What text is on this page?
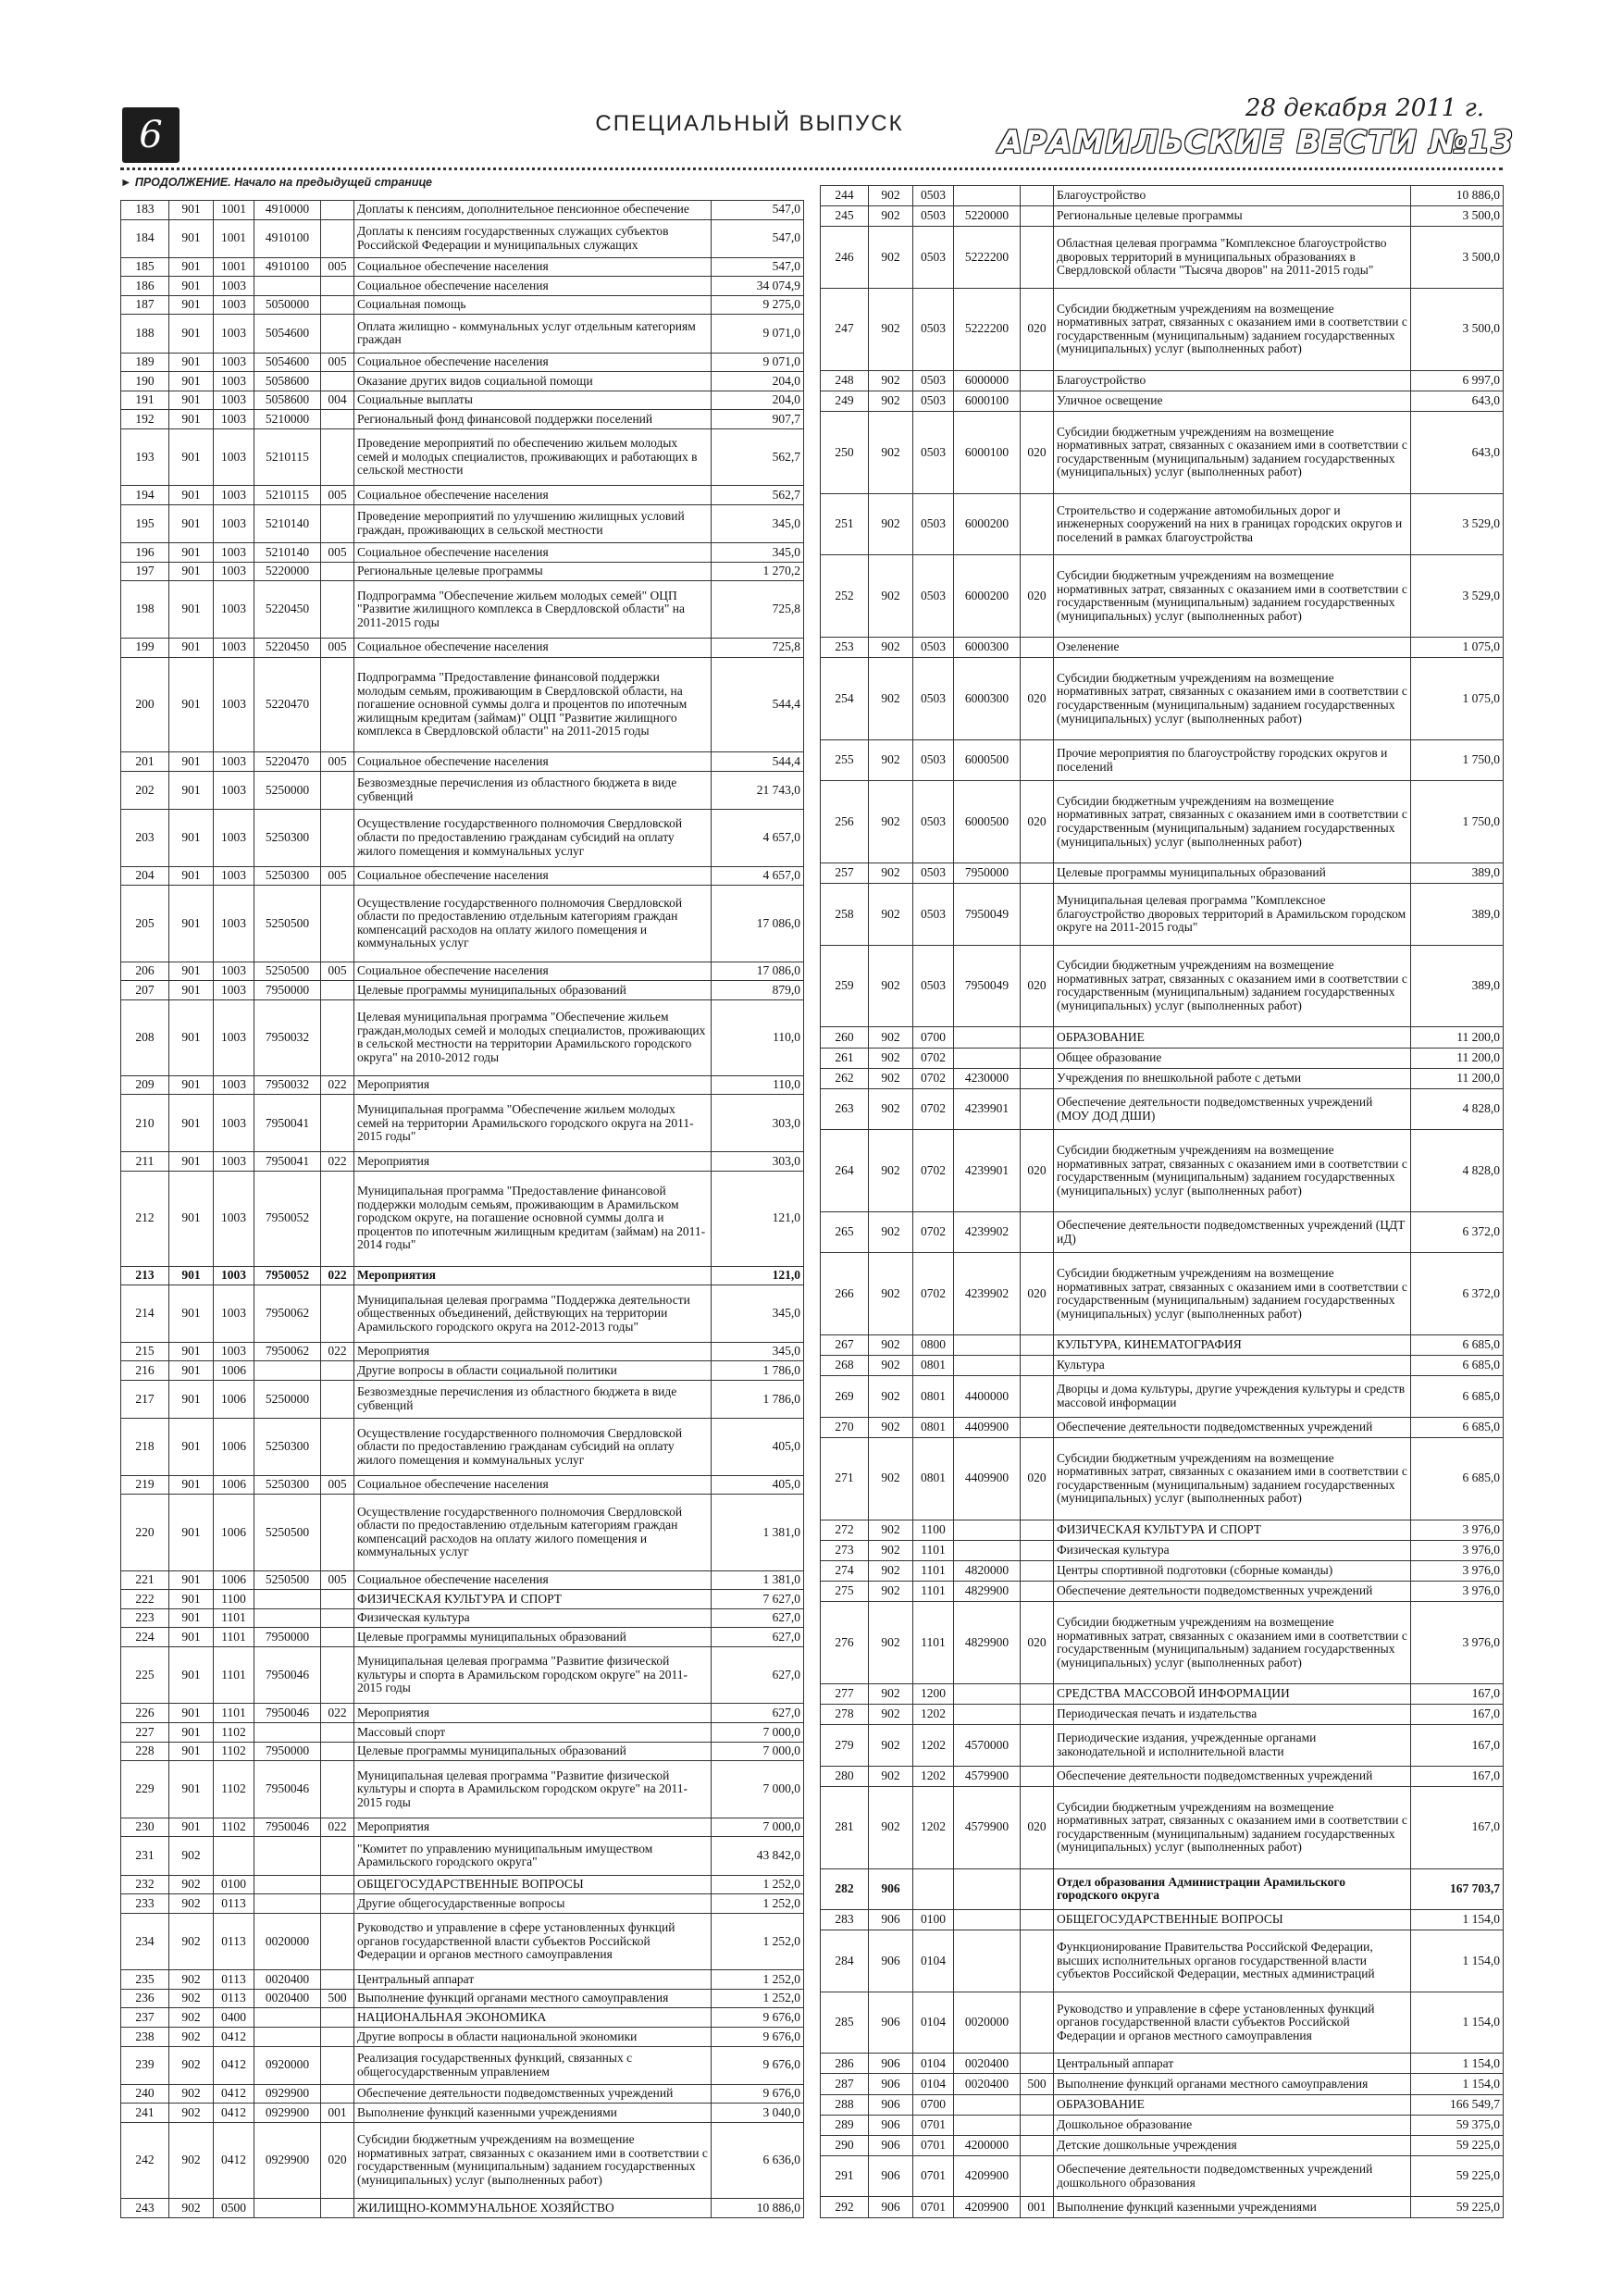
6	СПЕЦИАЛЬНЫЙ ВЫПУСК
28 декабря 2011 г.
АРАМИЛЬСКИЕ ВЕСТИ №13
► ПРОДОЛЖЕНИЕ. Начало на предыдущей странице
183	901	1001	4910000		Доплаты к пенсиям, дополнительное пенсионное обеспечение	547,0
184	901	1001	4910100		Доплаты к пенсиям государственных служащих субъектов Российской Федерации и муниципальных служащих	547,0
185	901	1001	4910100	005	Социальное обеспечение населения	547,0
186	901	1003			Социальное обеспечение населения	34 074,9
187	901	1003	5050000		Социальная помощь	9 275,0
188	901	1003	5054600		Оплата жилищно - коммунальных услуг отдельным категориям граждан	9 071,0
189	901	1003	5054600	005	Социальное обеспечение населения	9 071,0
190	901	1003	5058600		Оказание других видов социальной помощи	204,0
191	901	1003	5058600	004	Социальные выплаты	204,0
192	901	1003	5210000		Региональный фонд финансовой поддержки поселений	907,7
193	901	1003	5210115		Проведение мероприятий по обеспечению жильем молодых семей и молодых специалистов, проживающих и работающих в сельской местности	562,7
194	901	1003	5210115	005	Социальное обеспечение населения	562,7
195	901	1003	5210140		Проведение мероприятий по улучшению жилищных условий граждан, проживающих в сельской местности	345,0
196	901	1003	5210140	005	Социальное обеспечение населения	345,0
197	901	1003	5220000		Региональные целевые программы	1 270,2
198	901	1003	5220450		Подпрограмма "Обеспечение жильем молодых семей" ОЦП "Развитие жилищного комплекса в Свердловской области" на 2011-2015 годы	725,8
199	901	1003	5220450	005	Социальное обеспечение населения	725,8
200	901	1003	5220470		Подпрограмма "Предоставление финансовой поддержки молодым семьям, проживающим в Свердловской области, на погашение основной суммы долга и процентов по ипотечным жилищным кредитам (займам)" ОЦП "Развитие жилищного комплекса в Свердловской области" на 2011-2015 годы	544,4
201	901	1003	5220470	005	Социальное обеспечение населения	544,4
202	901	1003	5250000		Безвозмездные перечисления из областного бюджета в виде субвенций	21 743,0
203	901	1003	5250300		Осуществление государственного полномочия Свердловской области по предоставлению гражданам субсидий на оплату жилого помещения и коммунальных услуг	4 657,0
204	901	1003	5250300	005	Социальное обеспечение населения	4 657,0
205	901	1003	5250500		Осуществление государственного полномочия Свердловской области по предоставлению отдельным категориям граждан компенсаций расходов на оплату жилого помещения и коммунальных услуг	17 086,0
206	901	1003	5250500	005	Социальное обеспечение населения	17 086,0
207	901	1003	7950000		Целевые программы муниципальных образований	879,0
208	901	1003	7950032		Целевая муниципальная программа "Обеспечение жильем граждан,молодых семей и молодых специалистов, проживающих в сельской местности на территории Арамильского городского округа" на 2010-2012 годы	110,0
209	901	1003	7950032	022	Мероприятия	110,0
210	901	1003	7950041		Муниципальная программа "Обеспечение жильем молодых семей на территории Арамильского городского округа на 2011-2015 годы"	303,0
211	901	1003	7950041	022	Мероприятия	303,0
212	901	1003	7950052		Муниципальная программа "Предоставление финансовой поддержки молодым семьям, проживающим в Арамильском городском округе, на погашение основной суммы долга и процентов по ипотечным жилищным кредитам (займам) на 2011-2014 годы"	121,0
213	901	1003	7950052	022	Мероприятия	121,0
214	901	1003	7950062		Муниципальная целевая программа "Поддержка деятельности общественных объединений, действующих на территории Арамильского городского округа на 2012-2013 годы"	345,0
215	901	1003	7950062	022	Мероприятия	345,0
216	901	1006			Другие вопросы в области социальной политики	1 786,0
217	901	1006	5250000		Безвозмездные перечисления из областного бюджета в виде субвенций	1 786,0
218	901	1006	5250300		Осуществление государственного полномочия Свердловской области по предоставлению гражданам субсидий на оплату жилого помещения и коммунальных услуг	405,0
219	901	1006	5250300	005	Социальное обеспечение населения	405,0
220	901	1006	5250500		Осуществление государственного полномочия Свердловской области по предоставлению отдельным категориям граждан компенсаций расходов на оплату жилого помещения и коммунальных услуг	1 381,0
221	901	1006	5250500	005	Социальное обеспечение населения	1 381,0
222	901	1100			ФИЗИЧЕСКАЯ КУЛЬТУРА И СПОРТ	7 627,0
223	901	1101			Физическая культура	627,0
224	901	1101	7950000		Целевые программы муниципальных образований	627,0
225	901	1101	7950046		Муниципальная целевая программа "Развитие физической культуры и спорта в Арамильском городском округе" на 2011-2015 годы	627,0
226	901	1101	7950046	022	Мероприятия	627,0
227	901	1102			Массовый спорт	7 000,0
228	901	1102	7950000		Целевые программы муниципальных образований	7 000,0
229	901	1102	7950046		Муниципальная целевая программа "Развитие физической культуры и спорта в Арамильском городском округе" на 2011-2015 годы	7 000,0
230	901	1102	7950046	022	Мероприятия	7 000,0
231	902				"Комитет по управлению муниципальным имуществом Арамильского городского округа"	43 842,0
232	902	0100			ОБЩЕГОСУДАРСТВЕННЫЕ ВОПРОСЫ	1 252,0
233	902	0113			Другие общегосударственные вопросы	1 252,0
234	902	0113	0020000		Руководство и управление в сфере установленных функций органов государственной власти субъектов Российской Федерации и органов местного самоуправления	1 252,0
235	902	0113	0020400		Центральный аппарат	1 252,0
236	902	0113	0020400	500	Выполнение функций органами местного самоуправления	1 252,0
237	902	0400			НАЦИОНАЛЬНАЯ ЭКОНОМИКА	9 676,0
238	902	0412			Другие вопросы в области национальной экономики	9 676,0
239	902	0412	0920000		Реализация государственных функций, связанных с общегосударственным управлением	9 676,0
240	902	0412	0929900		Обеспечение деятельности подведомственных учреждений	9 676,0
241	902	0412	0929900	001	Выполнение функций казенными учреждениями	3 040,0
242	902	0412	0929900	020	Субсидии бюджетным учреждениям на возмещение нормативных затрат, связанных с оказанием ими в соответствии с государственным (муниципальным) заданием государственных (муниципальных) услуг (выполненных работ)	6 636,0
243	902	0500			ЖИЛИЩНО-КОММУНАЛЬНОЕ ХОЗЯЙСТВО	10 886,0
244	902	0503			Благоустройство	10 886,0
245	902	0503	5220000		Региональные целевые программы	3 500,0
246	902	0503	5222200		Областная целевая программа "Комплексное благоустройство дворовых территорий в муниципальных образованиях в Свердловской области "Тысяча дворов" на 2011-2015 годы"	3 500,0
247	902	0503	5222200	020	Субсидии бюджетным учреждениям на возмещение нормативных затрат, связанных с оказанием ими в соответствии с государственным (муниципальным) заданием государственных (муниципальных) услуг (выполненных работ)	3 500,0
248	902	0503	6000000		Благоустройство	6 997,0
249	902	0503	6000100		Уличное освещение	643,0
250	902	0503	6000100	020	Субсидии бюджетным учреждениям на возмещение нормативных затрат, связанных с оказанием ими в соответствии с государственным (муниципальным) заданием государственных (муниципальных) услуг (выполненных работ)	643,0
251	902	0503	6000200		Строительство и содержание автомобильных дорог и инженерных сооружений на них в границах городских округов и поселений в рамках благоустройства	3 529,0
252	902	0503	6000200	020	Субсидии бюджетным учреждениям на возмещение нормативных затрат, связанных с оказанием ими в соответствии с государственным (муниципальным) заданием государственных (муниципальных) услуг (выполненных работ)	3 529,0
253	902	0503	6000300		Озеленение	1 075,0
254	902	0503	6000300	020	Субсидии бюджетным учреждениям на возмещение нормативных затрат, связанных с оказанием ими в соответствии с государственным (муниципальным) заданием государственных (муниципальных) услуг (выполненных работ)	1 075,0
255	902	0503	6000500		Прочие мероприятия по благоустройству городских округов и поселений	1 750,0
256	902	0503	6000500	020	Субсидии бюджетным учреждениям на возмещение нормативных затрат, связанных с оказанием ими в соответствии с государственным (муниципальным) заданием государственных (муниципальных) услуг (выполненных работ)	1 750,0
257	902	0503	7950000		Целевые программы муниципальных образований	389,0
258	902	0503	7950049		Муниципальная целевая программа "Комплексное благоустройство дворовых территорий в Арамильском городском округе на 2011-2015 годы"	389,0
259	902	0503	7950049	020	Субсидии бюджетным учреждениям на возмещение нормативных затрат, связанных с оказанием ими в соответствии с государственным (муниципальным) заданием государственных (муниципальных) услуг (выполненных работ)	389,0
260	902	0700			ОБРАЗОВАНИЕ	11 200,0
261	902	0702			Общее образование	11 200,0
262	902	0702	4230000		Учреждения по внешкольной работе с детьми	11 200,0
263	902	0702	4239901		Обеспечение деятельности подведомственных учреждений (МОУ ДОД ДШИ)	4 828,0
264	902	0702	4239901	020	Субсидии бюджетным учреждениям на возмещение нормативных затрат, связанных с оказанием ими в соответствии с государственным (муниципальным) заданием государственных (муниципальных) услуг (выполненных работ)	4 828,0
265	902	0702	4239902		Обеспечение деятельности подведомственных учреждений (ЦДТ иД)	6 372,0
266	902	0702	4239902	020	Субсидии бюджетным учреждениям на возмещение нормативных затрат, связанных с оказанием ими в соответствии с государственным (муниципальным) заданием государственных (муниципальных) услуг (выполненных работ)	6 372,0
267	902	0800			КУЛЬТУРА, КИНЕМАТОГРАФИЯ	6 685,0
268	902	0801			Культура	6 685,0
269	902	0801	4400000		Дворцы и дома культуры, другие учреждения культуры и средств массовой информации	6 685,0
270	902	0801	4409900		Обеспечение деятельности подведомственных учреждений	6 685,0
271	902	0801	4409900	020	Субсидии бюджетным учреждениям на возмещение нормативных затрат, связанных с оказанием ими в соответствии с государственным (муниципальным) заданием государственных (муниципальных) услуг (выполненных работ)	6 685,0
272	902	1100			ФИЗИЧЕСКАЯ КУЛЬТУРА И СПОРТ	3 976,0
273	902	1101			Физическая культура	3 976,0
274	902	1101	4820000		Центры спортивной подготовки (сборные команды)	3 976,0
275	902	1101	4829900		Обеспечение деятельности подведомственных учреждений	3 976,0
276	902	1101	4829900	020	Субсидии бюджетным учреждениям на возмещение нормативных затрат, связанных с оказанием ими в соответствии с государственным (муниципальным) заданием государственных (муниципальных) услуг (выполненных работ)	3 976,0
277	902	1200			СРЕДСТВА МАССОВОЙ ИНФОРМАЦИИ	167,0
278	902	1202			Периодическая печать и издательства	167,0
279	902	1202	4570000		Периодические издания, учрежденные органами законодательной и исполнительной власти	167,0
280	902	1202	4579900		Обеспечение деятельности подведомственных учреждений	167,0
281	902	1202	4579900	020	Субсидии бюджетным учреждениям на возмещение нормативных затрат, связанных с оказанием ими в соответствии с государственным (муниципальным) заданием государственных (муниципальных) услуг (выполненных работ)	167,0
282	906				Отдел образования Администрации Арамильского городского округа	167 703,7
283	906	0100			ОБЩЕГОСУДАРСТВЕННЫЕ ВОПРОСЫ	1 154,0
284	906	0104			Функционирование Правительства Российской Федерации, высших исполнительных органов государственной власти субъектов Российской Федерации, местных администраций	1 154,0
285	906	0104	0020000		Руководство и управление в сфере установленных функций органов государственной власти субъектов Российской Федерации и органов местного самоуправления	1 154,0
286	906	0104	0020400		Центральный аппарат	1 154,0
287	906	0104	0020400	500	Выполнение функций органами местного самоуправления	1 154,0
288	906	0700			ОБРАЗОВАНИЕ	166 549,7
289	906	0701			Дошкольное образование	59 375,0
290	906	0701	4200000		Детские дошкольные учреждения	59 225,0
291	906	0701	4209900		Обеспечение деятельности подведомственных учреждений дошкольного образования	59 225,0
292	906	0701	4209900	001	Выполнение функций казенными учреждениями	59 225,0
